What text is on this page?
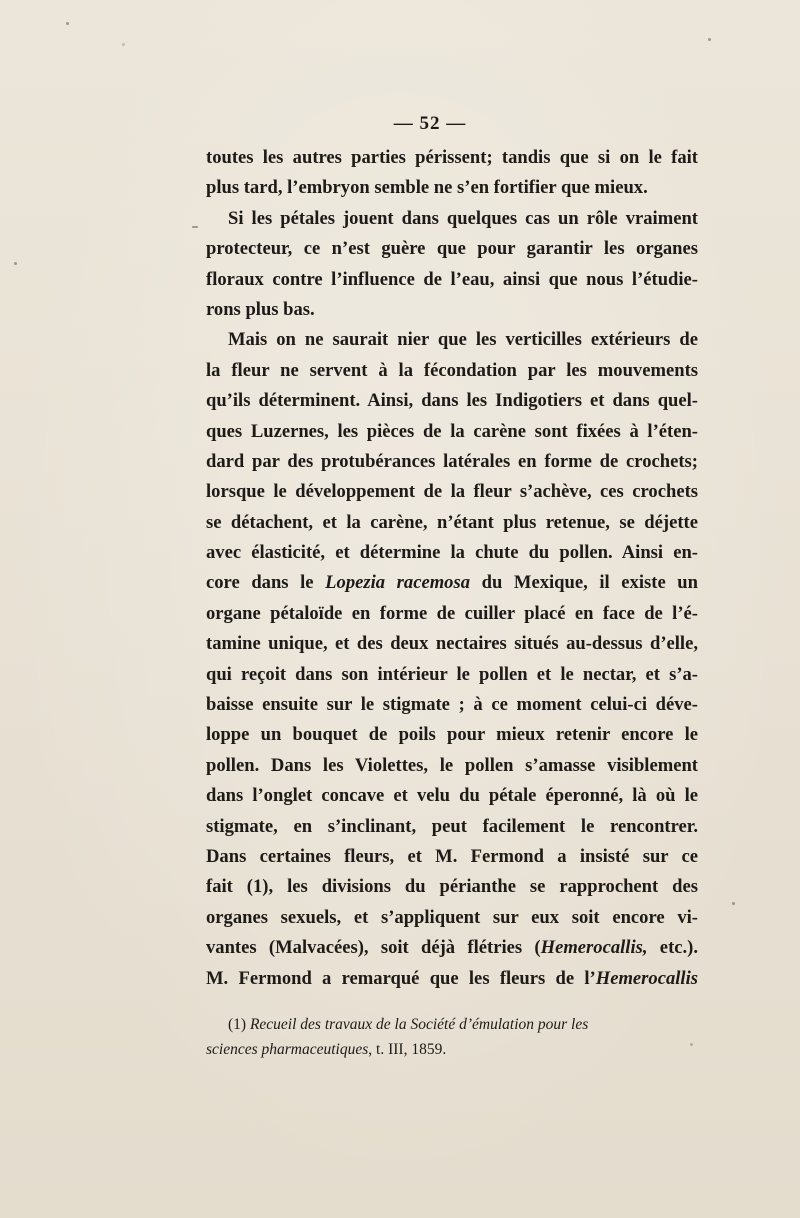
— 52 —
toutes les autres parties périssent; tandis que si on le fait
plus tard, l’embryon semble ne s’en fortifier que mieux.
Si les pétales jouent dans quelques cas un rôle vraiment
protecteur, ce n’est guère que pour garantir les organes
floraux contre l’influence de l’eau, ainsi que nous l’étudie-
rons plus bas.
Mais on ne saurait nier que les verticilles extérieurs de
la fleur ne servent à la fécondation par les mouvements
qu’ils déterminent. Ainsi, dans les Indigotiers et dans quel-
ques Luzernes, les pièces de la carène sont fixées à l’éten-
dard par des protubérances latérales en forme de crochets;
lorsque le développement de la fleur s’achève, ces crochets
se détachent, et la carène, n’étant plus retenue, se déjette
avec élasticité, et détermine la chute du pollen. Ainsi en-
core dans le Lopezia racemosa du Mexique, il existe un
organe pétaloïde en forme de cuiller placé en face de l’é-
tamine unique, et des deux nectaires situés au-dessus d’elle,
qui reçoit dans son intérieur le pollen et le nectar, et s’a-
baisse ensuite sur le stigmate ; à ce moment celui-ci déve-
loppe un bouquet de poils pour mieux retenir encore le
pollen. Dans les Violettes, le pollen s’amasse visiblement
dans l’onglet concave et velu du pétale éperonné, là où le
stigmate, en s’inclinant, peut facilement le rencontrer.
Dans certaines fleurs, et M. Fermond a insisté sur ce
fait (1), les divisions du périanthe se rapprochent des
organes sexuels, et s’appliquent sur eux soit encore vi-
vantes (Malvacées), soit déjà flétries (Hemerocallis, etc.).
M. Fermond a remarqué que les fleurs de l’Hemerocallis
(1) Recueil des travaux de la Société d’émulation pour les
sciences pharmaceutiques, t. III, 1859.
